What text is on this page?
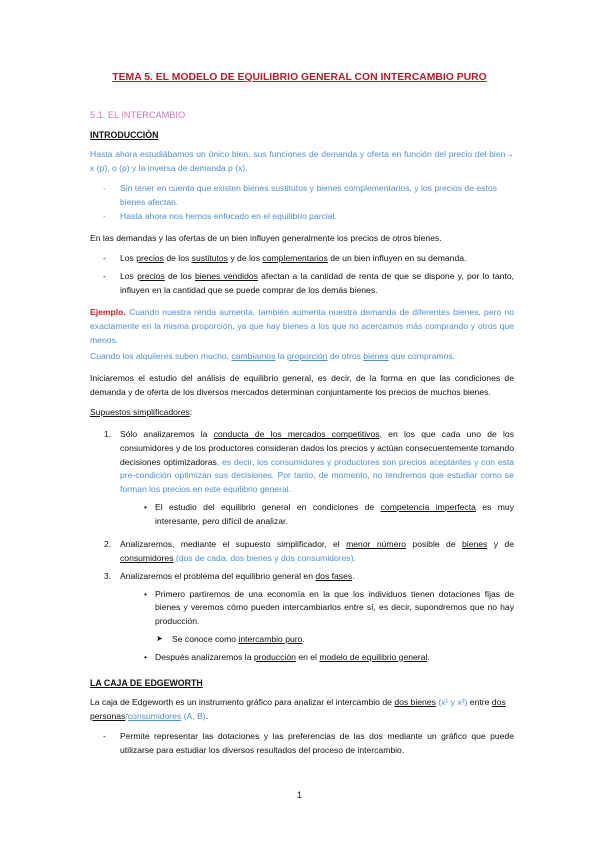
TEMA 5. EL MODELO DE EQUILIBRIO GENERAL CON INTERCAMBIO PURO
5.1. EL INTERCAMBIO
INTRODUCCIÓN
Hasta ahora estudiábamos un único bien, sus funciones de demanda y oferta en función del precio del bien→ x (p), o (p) y la inversa de demanda p (x).
- Sin tener en cuenta que existen bienes sustitutos y bienes complementarios, y los precios de estos bienes afectan.
- Hasta ahora nos hemos enfocado en el equilibrio parcial.
En las demandas y las ofertas de un bien influyen generalmente los precios de otros bienes.
- Los precios de los sustitutos y de los complementarios de un bien influyen en su demanda.
- Los precios de los bienes vendidos afectan a la cantidad de renta de que se dispone y, por lo tanto, influyen en la cantidad que se puede comprar de los demás bienes.
Ejemplo. Cuando nuestra renda aumenta, también aumenta nuestra demanda de diferentes bienes, pero no exactamente en la misma proporción, ya que hay bienes a los que no acercamos más comprando y otros que menos.
Cuando los alquileres suben mucho, cambiamos la proporción de otros bienes que compramos.
Iniciaremos el estudio del análisis de equilibrio general, es decir, de la forma en que las condiciones de demanda y de oferta de los diversos mercados determinan conjuntamente los precios de muchos bienes.
Supuestos simplificadores:
1. Sólo analizaremos la conducta de los mercados competitivos, en los que cada uno de los consumidores y de los productores consideran dados los precios y actúan consecuentemente tomando decisiones optimizadoras, es decir, los consumidores y productores son precios aceptantes y con esta pre-condición optimizan sus decisiones. Por tanto, de momento, no tendremos que estudiar como se forman los precios en este equilibrio general.
• El estudio del equilibrio general en condiciones de competencia imperfecta es muy interesante, pero difícil de analizar.
2. Analizaremos, mediante el supuesto simplificador, el menor número posible de bienes y de consumidores (dos de cada, dos bienes y dos consumidores).
3. Analizaremos el problema del equilibrio general en dos fases.
• Primero partiremos de una economía en la que los individuos tienen dotaciones fijas de bienes y veremos cómo pueden intercambiarlos entre sí, es decir, supondremos que no hay producción.
➤ Se conoce como intercambio puro.
• Después analizaremos la producción en el modelo de equilibrio general.
LA CAJA DE EDGEWORTH
La caja de Edgeworth es un instrumento gráfico para analizar el intercambio de dos bienes (x¹ y x²) entre dos personas/consumidores (A, B).
- Permite representar las dotaciones y las preferencias de las dos mediante un gráfico que puede utilizarse para estudiar los diversos resultados del proceso de intercambio.
1
